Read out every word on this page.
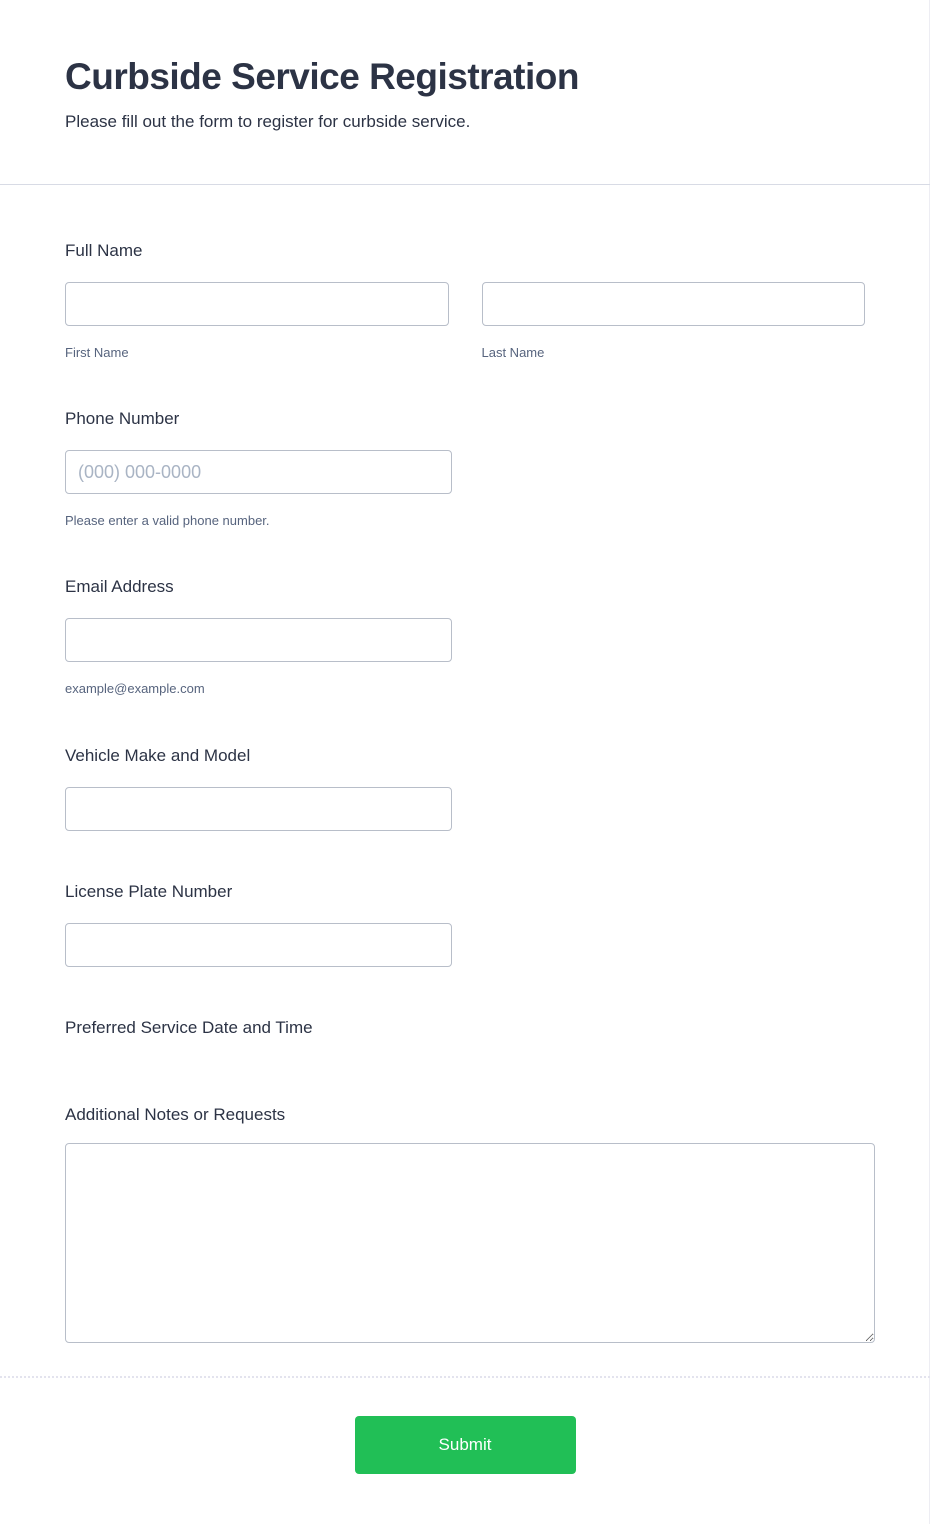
Curbside Service Registration
Please fill out the form to register for curbside service.
Full Name
First Name	Last Name
Phone Number
(000) 000-0000
Please enter a valid phone number.
Email Address
example@example.com
Vehicle Make and Model
License Plate Number
Preferred Service Date and Time
Additional Notes or Requests
Submit
